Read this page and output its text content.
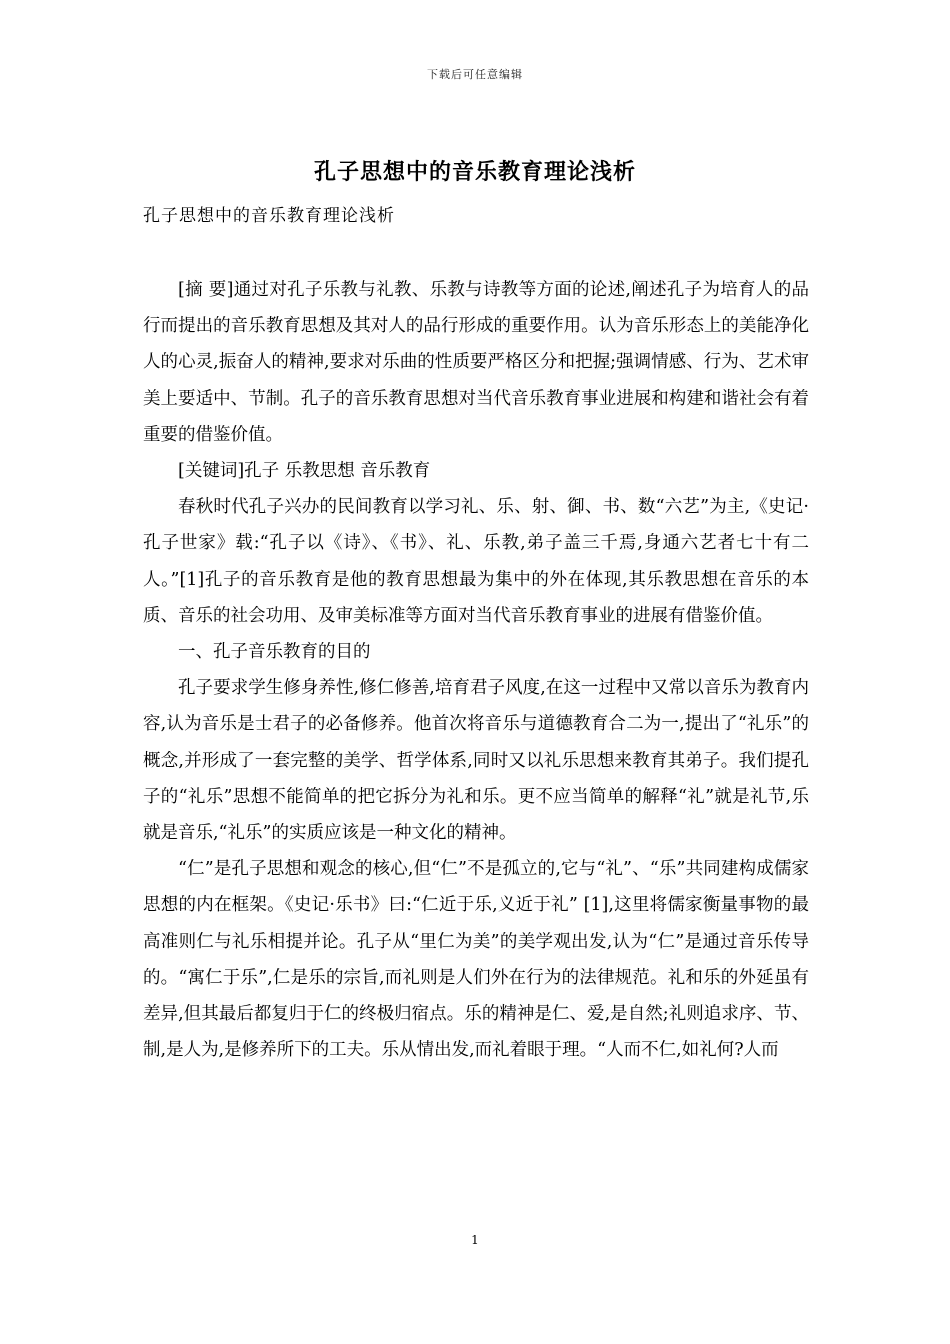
下载后可任意编辑
孔子思想中的音乐教育理论浅析
孔子思想中的音乐教育理论浅析

[摘 要]通过对孔子乐教与礼教、乐教与诗教等方面的论述,阐述孔子为培育人的品行而提出的音乐教育思想及其对人的品行形成的重要作用。认为音乐形态上的美能净化人的心灵,振奋人的精神,要求对乐曲的性质要严格区分和把握;强调情感、行为、艺术审美上要适中、节制。孔子的音乐教育思想对当代音乐教育事业进展和构建和谐社会有着重要的借鉴价值。

[关键词]孔子 乐教思想 音乐教育

春秋时代孔子兴办的民间教育以学习礼、乐、射、御、书、数“六艺”为主,《史记·孔子世家》载:“孔子以《诗》、《书》、礼、乐教,弟子盖三千焉,身通六艺者七十有二人。”[1]孔子的音乐教育是他的教育思想最为集中的外在体现,其乐教思想在音乐的本质、音乐的社会功用、及审美标准等方面对当代音乐教育事业的进展有借鉴价值。

一、孔子音乐教育的目的

孔子要求学生修身养性,修仁修善,培育君子风度,在这一过程中又常以音乐为教育内容,认为音乐是士君子的必备修养。他首次将音乐与道德教育合二为一,提出了“礼乐”的概念,并形成了一套完整的美学、哲学体系,同时又以礼乐思想来教育其弟子。我们提孔子的“礼乐”思想不能简单的把它拆分为礼和乐。更不应当简单的解释“礼”就是礼节,乐就是音乐,“礼乐”的实质应该是一种文化的精神。

“仁”是孔子思想和观念的核心,但“仁”不是孤立的,它与“礼”、“乐”共同建构成儒家思想的内在框架。《史记·乐书》曰:“仁近于乐,义近于礼” [1],这里将儒家衡量事物的最高准则仁与礼乐相提并论。孔子从“里仁为美”的美学观出发,认为“仁”是通过音乐传导的。“寓仁于乐”,仁是乐的宗旨,而礼则是人们外在行为的法律规范。礼和乐的外延虽有差异,但其最后都复归于仁的终极归宿点。乐的精神是仁、爱,是自然;礼则追求序、节、制,是人为,是修养所下的工夫。乐从情出发,而礼着眼于理。“人而不仁,如礼何?人而

1
